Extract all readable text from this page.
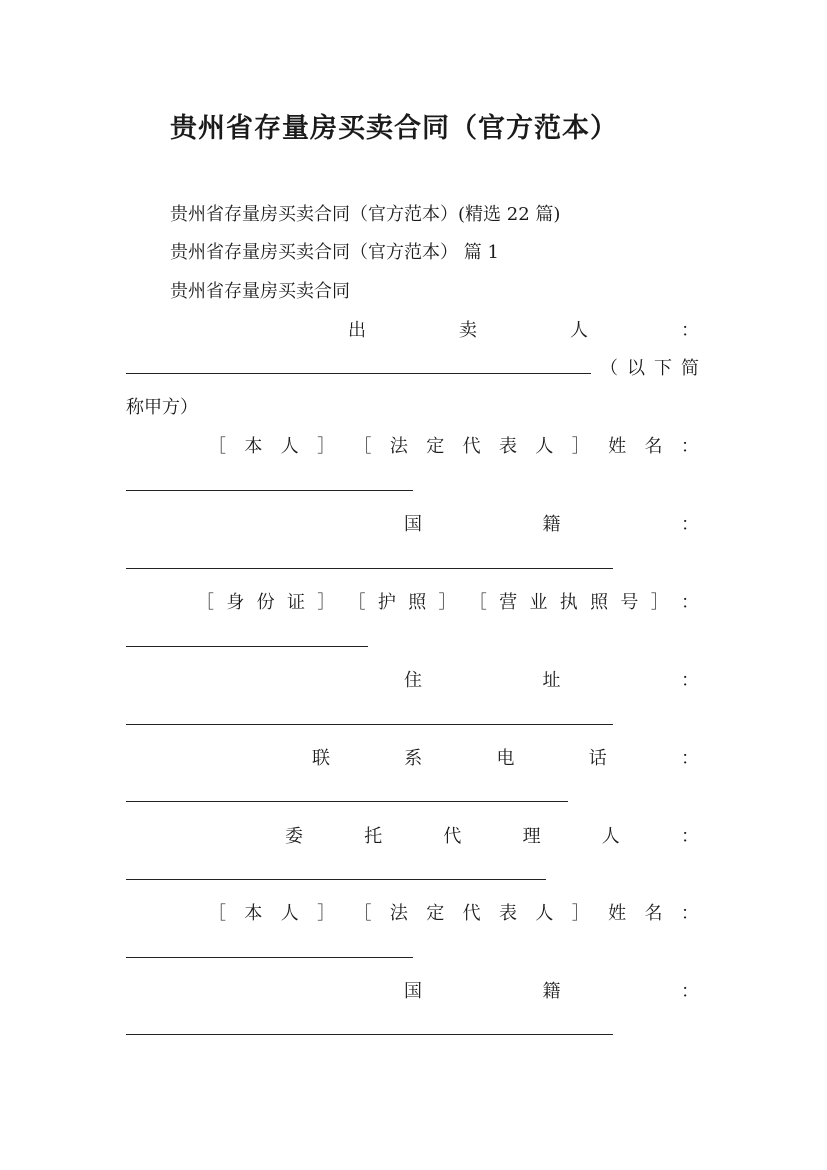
贵州省存量房买卖合同（官方范本）
贵州省存量房买卖合同（官方范本）(精选 22 篇)
贵州省存量房买卖合同（官方范本） 篇 1
贵州省存量房买卖合同
出	卖	人	：
（ 以 下 简
称甲方）
［ 本 人 ］ ［ 法 定 代 表 人 ］ 姓 名 ：
国	籍	：
［ 身 份 证 ］ ［ 护 照 ］ ［ 营 业 执 照 号 ］ ：
住	址	：
联	系	电	话	：
委	托	代	理	人	：
［ 本 人 ］ ［ 法 定 代 表 人 ］ 姓 名 ：
国	籍	：
